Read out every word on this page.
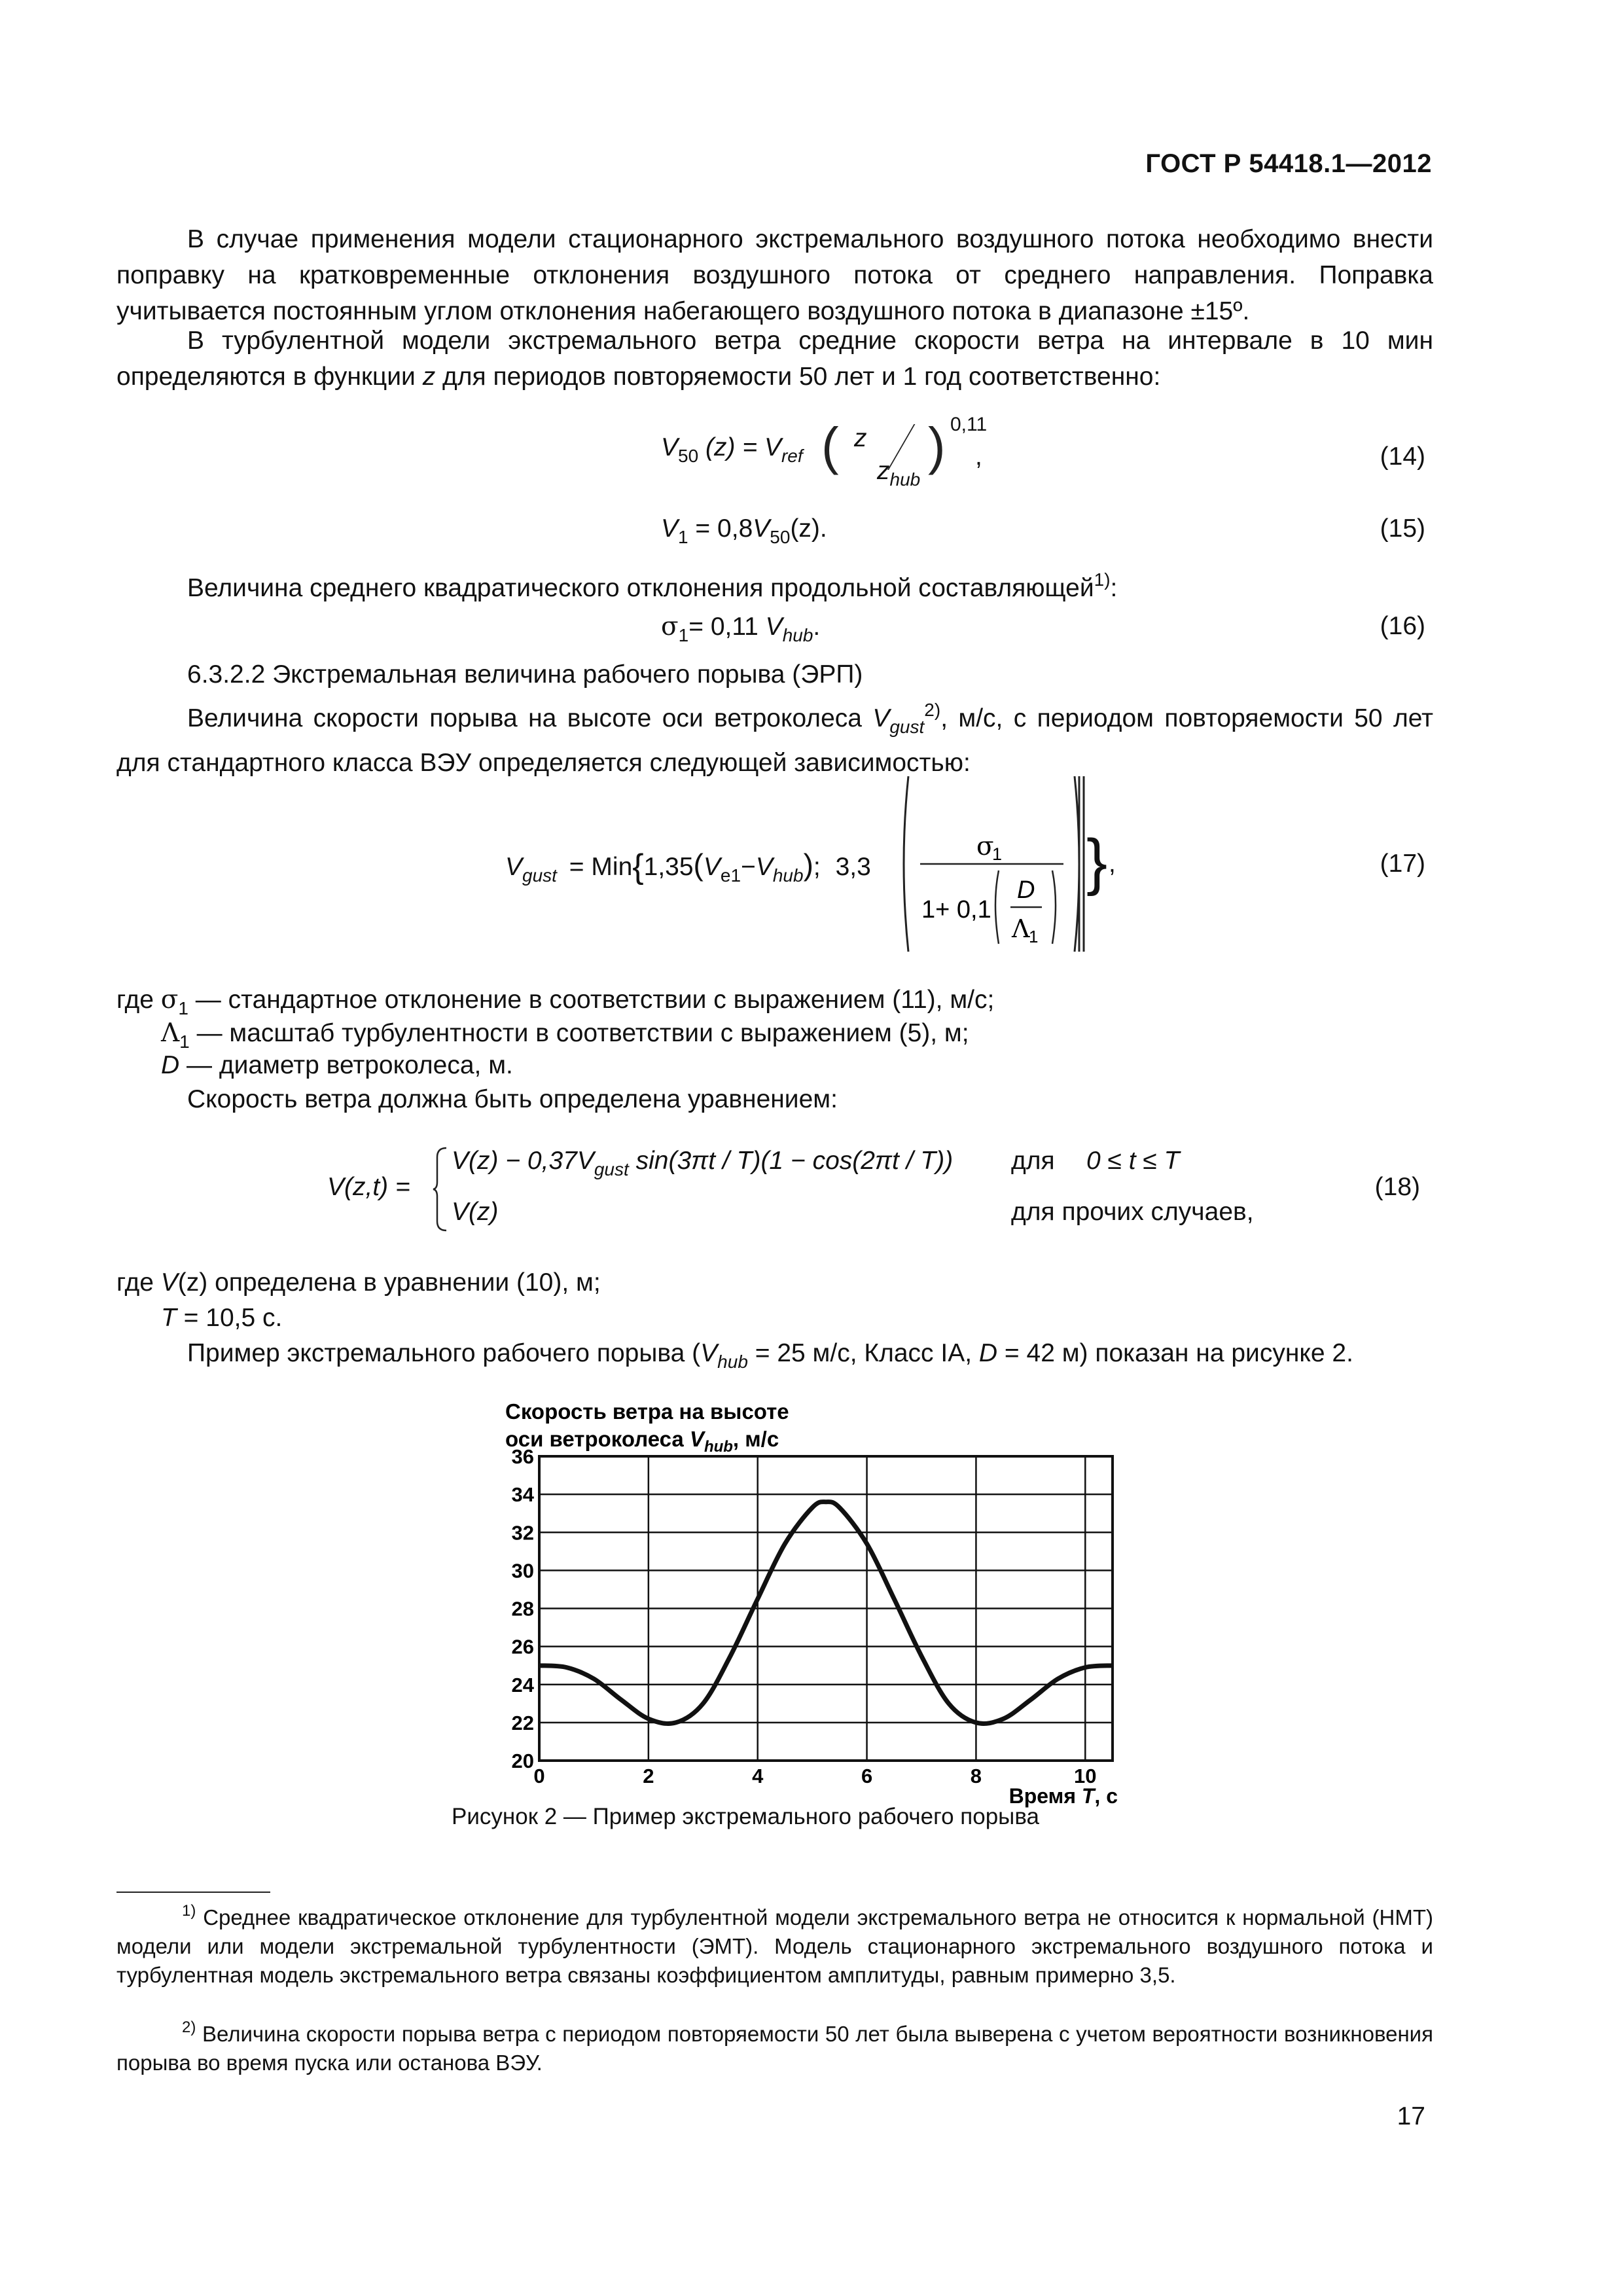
ГОСТ Р 54418.1—2012
В случае применения модели стационарного экстремального воздушного потока необходимо внести поправку на кратковременные отклонения воздушного потока от среднего направления. Поправка учитывается постоянным углом отклонения набегающего воздушного потока в диапазоне ±15º.
В турбулентной модели экстремального ветра средние скорости ветра на интервале в 10 мин определяются в функции z для периодов повторяемости 50 лет и 1 год соответственно:
$V_{50}$ $(z) = V_{ref}$ ( z
$z_{hub}$
) 0,11
,	(14)
$V_1 = 0,8V_{50}(z)$.	(15)
Величина среднего квадратического отклонения продольной составляющей$^{1)}$:
$\sigma_1= 0,11$ $V_{hub}$.	(16)
6.3.2.2 Экстремальная величина рабочего порыва (ЭРП)
Величина скорости порыва на высоте оси ветроколеса $V_{gust}^{2)}$, м/с, с периодом повторяемости 50 лет для стандартного класса ВЭУ определяется следующей зависимостью:
$V_{gust} = Min\{1,35(V_{e1}-V_{hub})$; 3,3
σ
1
1+ 0,1
D
Λ
1
} ,	(17)
где $\sigma_1$ — стандартное отклонение в соответствии с выражением (11), м/с;
$\Lambda_1$ — масштаб турбулентности в соответствии с выражением (5), м;
D — диаметр ветроколеса, м.
Скорость ветра должна быть определена уравнением:
V(z,t) =
$V(z) - 0,37V_{gust}$ sin(3πt / T)(1 − cos(2πt / T)) для 0 ≤ t ≤ T
V(z)	для прочих случаев,
(18)
где V(z) определена в уравнении (10), м;
T = 10,5 с.
Пример экстремального рабочего порыва ($V_{hub} = 25$ м/с, Класс IA, D = 42 м) показан на рисунке 2.
Скорость ветра на высоте
оси ветроколеса $V_{hub}$, м/с
20
22
24
26
28
30
32
34
36
0	2	4	6	8	10
Время T, с
Рисунок 2 — Пример экстремального рабочего порыва
$^{1)}$ Среднее квадратическое отклонение для турбулентной модели экстремального ветра не относится к нормальной (НМТ) модели или модели экстремальной турбулентности (ЭМТ). Модель стационарного экстремального воздушного потока и турбулентная модель экстремального ветра связаны коэффициентом амплитуды, равным примерно 3,5.
$^{2)}$ Величина скорости порыва ветра с периодом повторяемости 50 лет была выверена с учетом вероятности возникновения порыва во время пуска или останова ВЭУ.
17
